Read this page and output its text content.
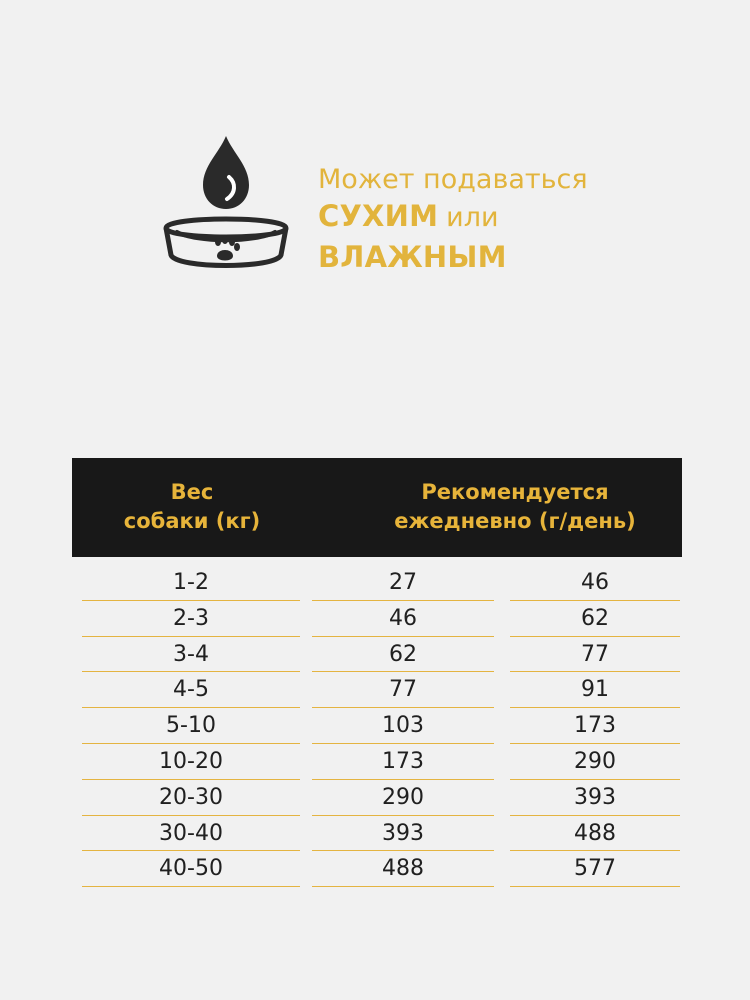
Может подаваться
СУХИМ или
ВЛАЖНЫМ
Вес
собаки (кг)
Рекомендуется
ежедневно (г/день)
1-2	27	46
2-3	46	62
3-4	62	77
4-5	77	91
5-10	103	173
10-20	173	290
20-30	290	393
30-40	393	488
40-50	488	577
